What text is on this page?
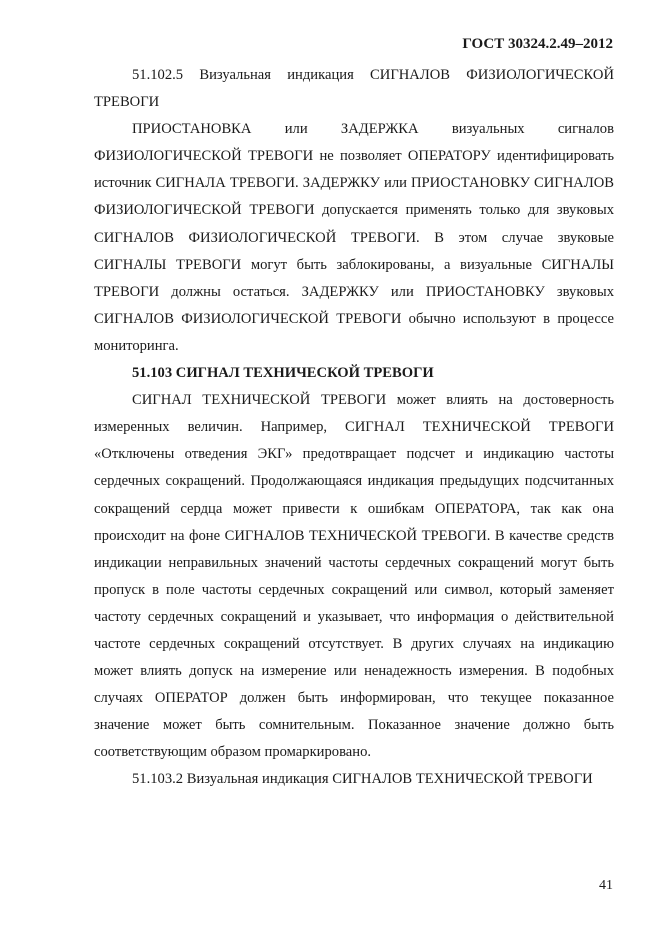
ГОСТ 30324.2.49–2012

51.102.5 Визуальная индикация СИГНАЛОВ ФИЗИОЛОГИЧЕСКОЙ ТРЕВОГИ

ПРИОСТАНОВКА или ЗАДЕРЖКА визуальных сигналов ФИЗИОЛОГИЧЕСКОЙ ТРЕВОГИ не позволяет ОПЕРАТОРУ идентифицировать источник СИГНАЛА ТРЕВОГИ. ЗАДЕРЖКУ или ПРИОСТАНОВКУ СИГНАЛОВ ФИЗИОЛОГИЧЕСКОЙ ТРЕВОГИ допускается применять только для звуковых СИГНАЛОВ ФИЗИОЛОГИЧЕСКОЙ ТРЕВОГИ. В этом случае звуковые СИГНАЛЫ ТРЕВОГИ могут быть заблокированы, а визуальные СИГНАЛЫ ТРЕВОГИ должны остаться. ЗАДЕРЖКУ или ПРИОСТАНОВКУ звуковых СИГНАЛОВ ФИЗИОЛОГИЧЕСКОЙ ТРЕВОГИ обычно используют в процессе мониторинга.

51.103 СИГНАЛ ТЕХНИЧЕСКОЙ ТРЕВОГИ

СИГНАЛ ТЕХНИЧЕСКОЙ ТРЕВОГИ может влиять на достоверность измеренных величин. Например, СИГНАЛ ТЕХНИЧЕСКОЙ ТРЕВОГИ «Отключены отведения ЭКГ» предотвращает подсчет и индикацию частоты сердечных сокращений. Продолжающаяся индикация предыдущих подсчитанных сокращений сердца может привести к ошибкам ОПЕРАТОРА, так как она происходит на фоне СИГНАЛОВ ТЕХНИЧЕСКОЙ ТРЕВОГИ. В качестве средств индикации неправильных значений частоты сердечных сокращений могут быть пропуск в поле частоты сердечных сокращений или символ, который заменяет частоту сердечных сокращений и указывает, что информация о действительной частоте сердечных сокращений отсутствует. В других случаях на индикацию может влиять допуск на измерение или ненадежность измерения. В подобных случаях ОПЕРАТОР должен быть информирован, что текущее показанное значение может быть сомнительным. Показанное значение должно быть соответствующим образом промаркировано.

51.103.2 Визуальная индикация СИГНАЛОВ ТЕХНИЧЕСКОЙ ТРЕВОГИ

41
